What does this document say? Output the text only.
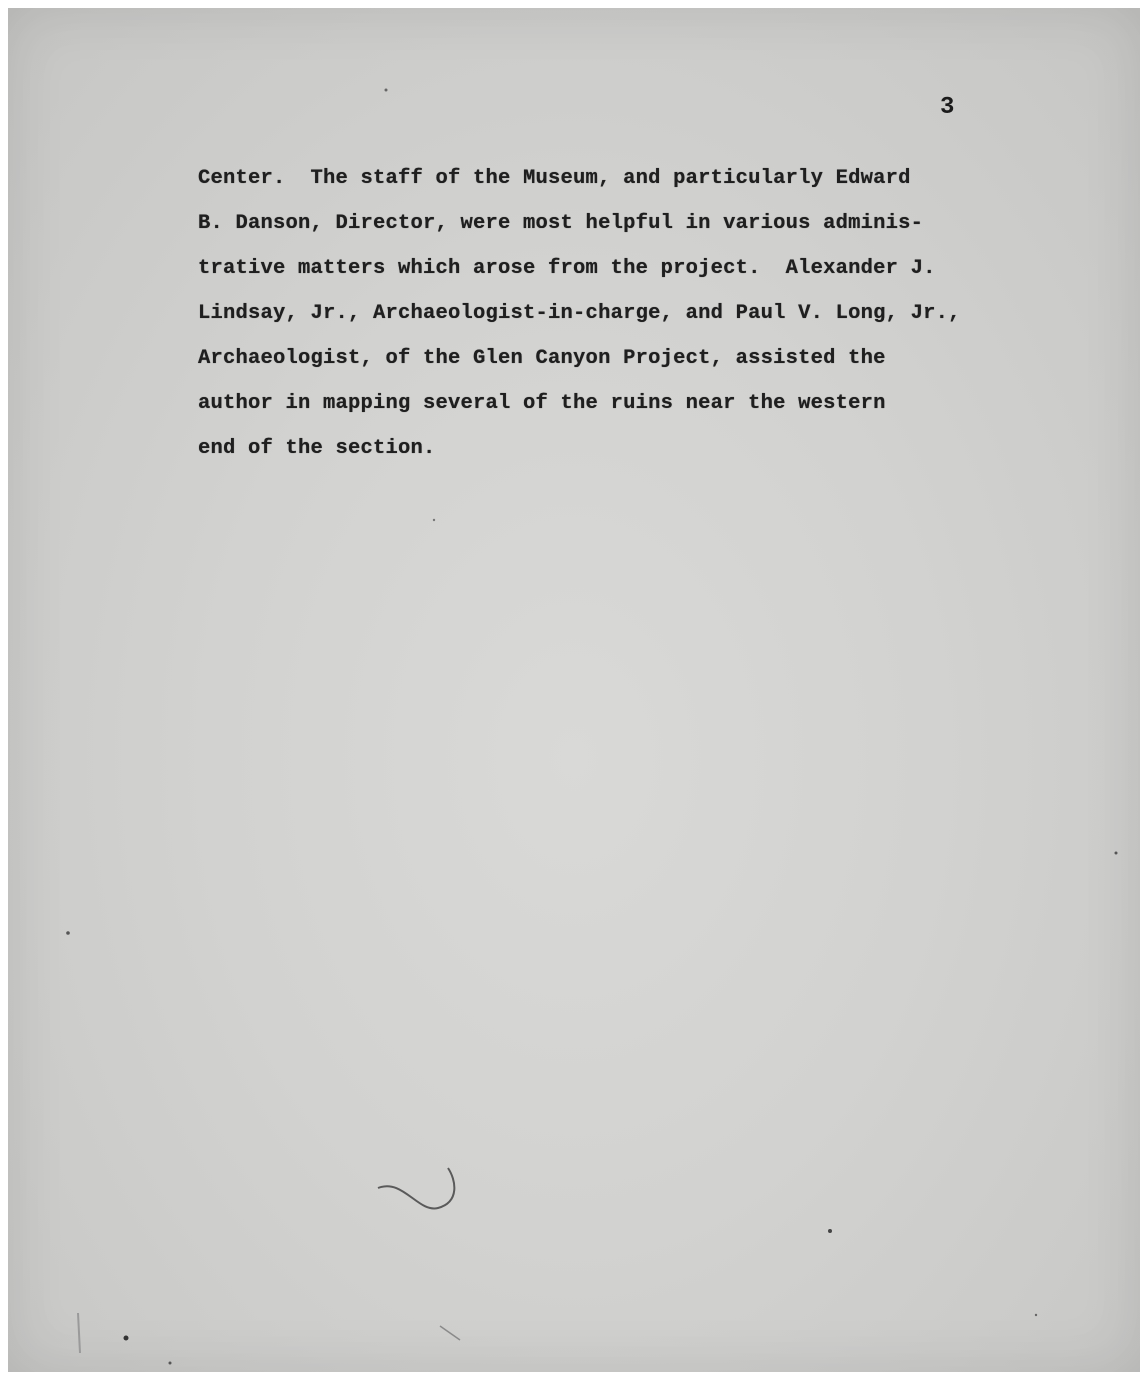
3
Center.  The staff of the Museum, and particularly Edward
B. Danson, Director, were most helpful in various adminis-
trative matters which arose from the project.  Alexander J.
Lindsay, Jr., Archaeologist-in-charge, and Paul V. Long, Jr.,
Archaeologist, of the Glen Canyon Project, assisted the
author in mapping several of the ruins near the western
end of the section.
